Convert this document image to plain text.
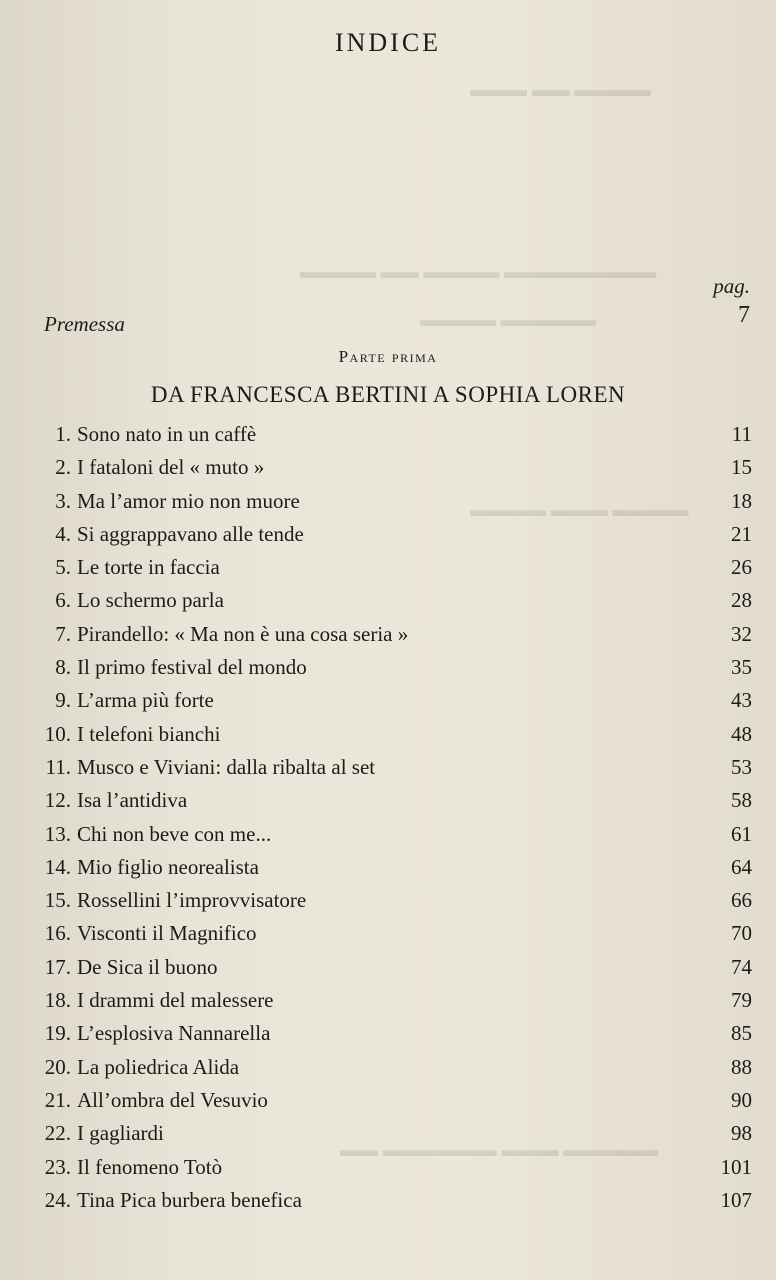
▬▬▬▬ ▬▬ ▬▬▬
▬▬▬▬▬▬▬▬ ▬▬▬▬ ▬▬ ▬▬▬▬
▬▬▬▬▬ ▬▬▬▬
▬▬▬▬ ▬▬▬ ▬▬▬▬
▬▬▬▬▬ ▬▬▬ ▬▬▬▬▬▬ ▬▬
INDICE
pag.
Premessa	7
Parte prima
DA FRANCESCA BERTINI A SOPHIA LOREN
1. Sono nato in un caffè	11
2. I fataloni del « muto »	15
3. Ma l’amor mio non muore	18
4. Si aggrappavano alle tende	21
5. Le torte in faccia	26
6. Lo schermo parla	28
7. Pirandello: « Ma non è una cosa seria »	32
8. Il primo festival del mondo	35
9. L’arma più forte	43
10. I telefoni bianchi	48
11. Musco e Viviani: dalla ribalta al set	53
12. Isa l’antidiva	58
13. Chi non beve con me...	61
14. Mio figlio neorealista	64
15. Rossellini l’improvvisatore	66
16. Visconti il Magnifico	70
17. De Sica il buono	74
18. I drammi del malessere	79
19. L’esplosiva Nannarella	85
20. La poliedrica Alida	88
21. All’ombra del Vesuvio	90
22. I gagliardi	98
23. Il fenomeno Totò	101
24. Tina Pica burbera benefica	107
